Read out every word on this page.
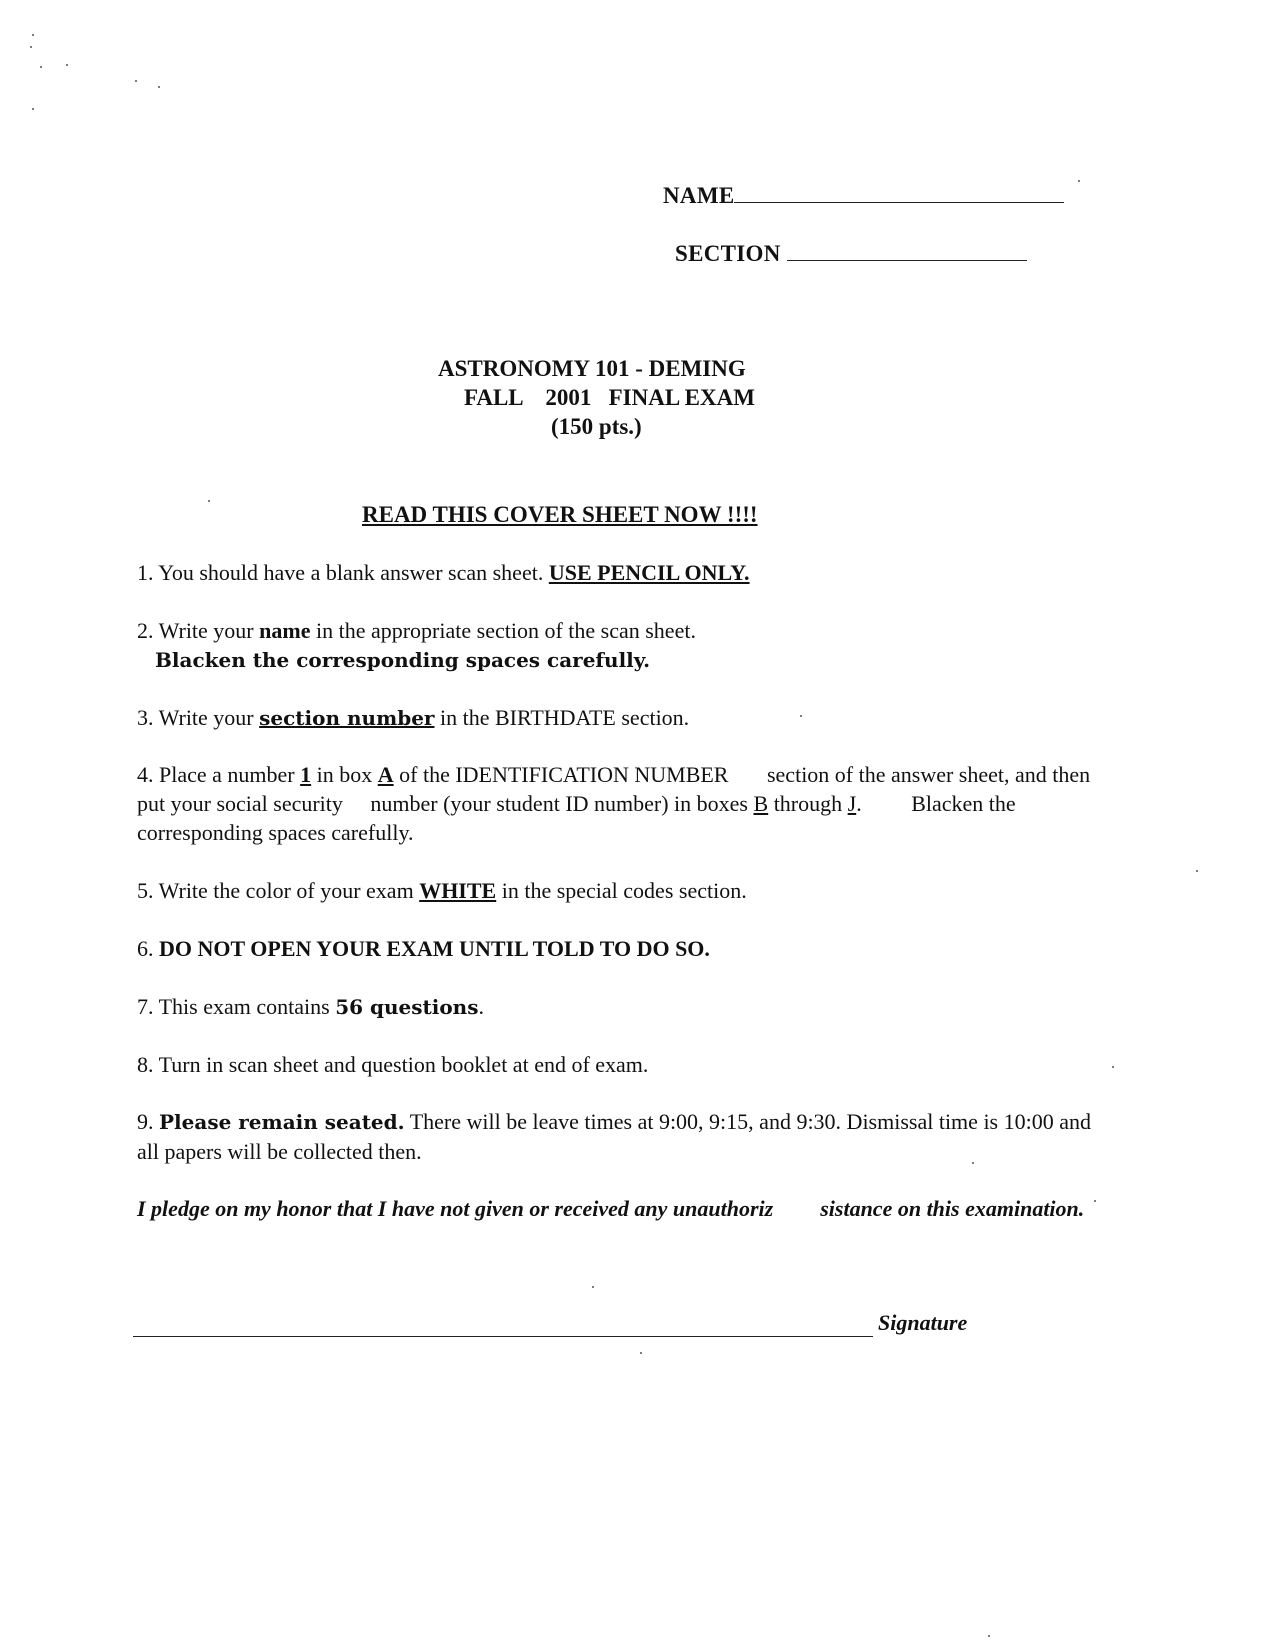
NAME
SECTION
ASTRONOMY 101 - DEMING
FALL    2001   FINAL EXAM
(150 pts.)
READ THIS COVER SHEET NOW !!!!
1. You should have a blank answer scan sheet. USE PENCIL ONLY.
2. Write your name in the appropriate section of the scan sheet.
Blacken the corresponding spaces carefully.
3. Write your section number in the BIRTHDATE section.
4. Place a number 1 in box A of the IDENTIFICATION NUMBER section of the answer sheet, and then put your social security number (your student ID number) in boxes B through J.         Blacken the corresponding spaces carefully.
5. Write the color of your exam WHITE in the special codes section.
6. DO NOT OPEN YOUR EXAM UNTIL TOLD TO DO SO.
7. This exam contains 56 questions.
8. Turn in scan sheet and question booklet at end of exam.
9. Please remain seated. There will be leave times at 9:00, 9:15, and 9:30. Dismissal time is 10:00 and all papers will be collected then.
I pledge on my honor that I have not given or received any unauthoriz sistance on this examination.
Signature
